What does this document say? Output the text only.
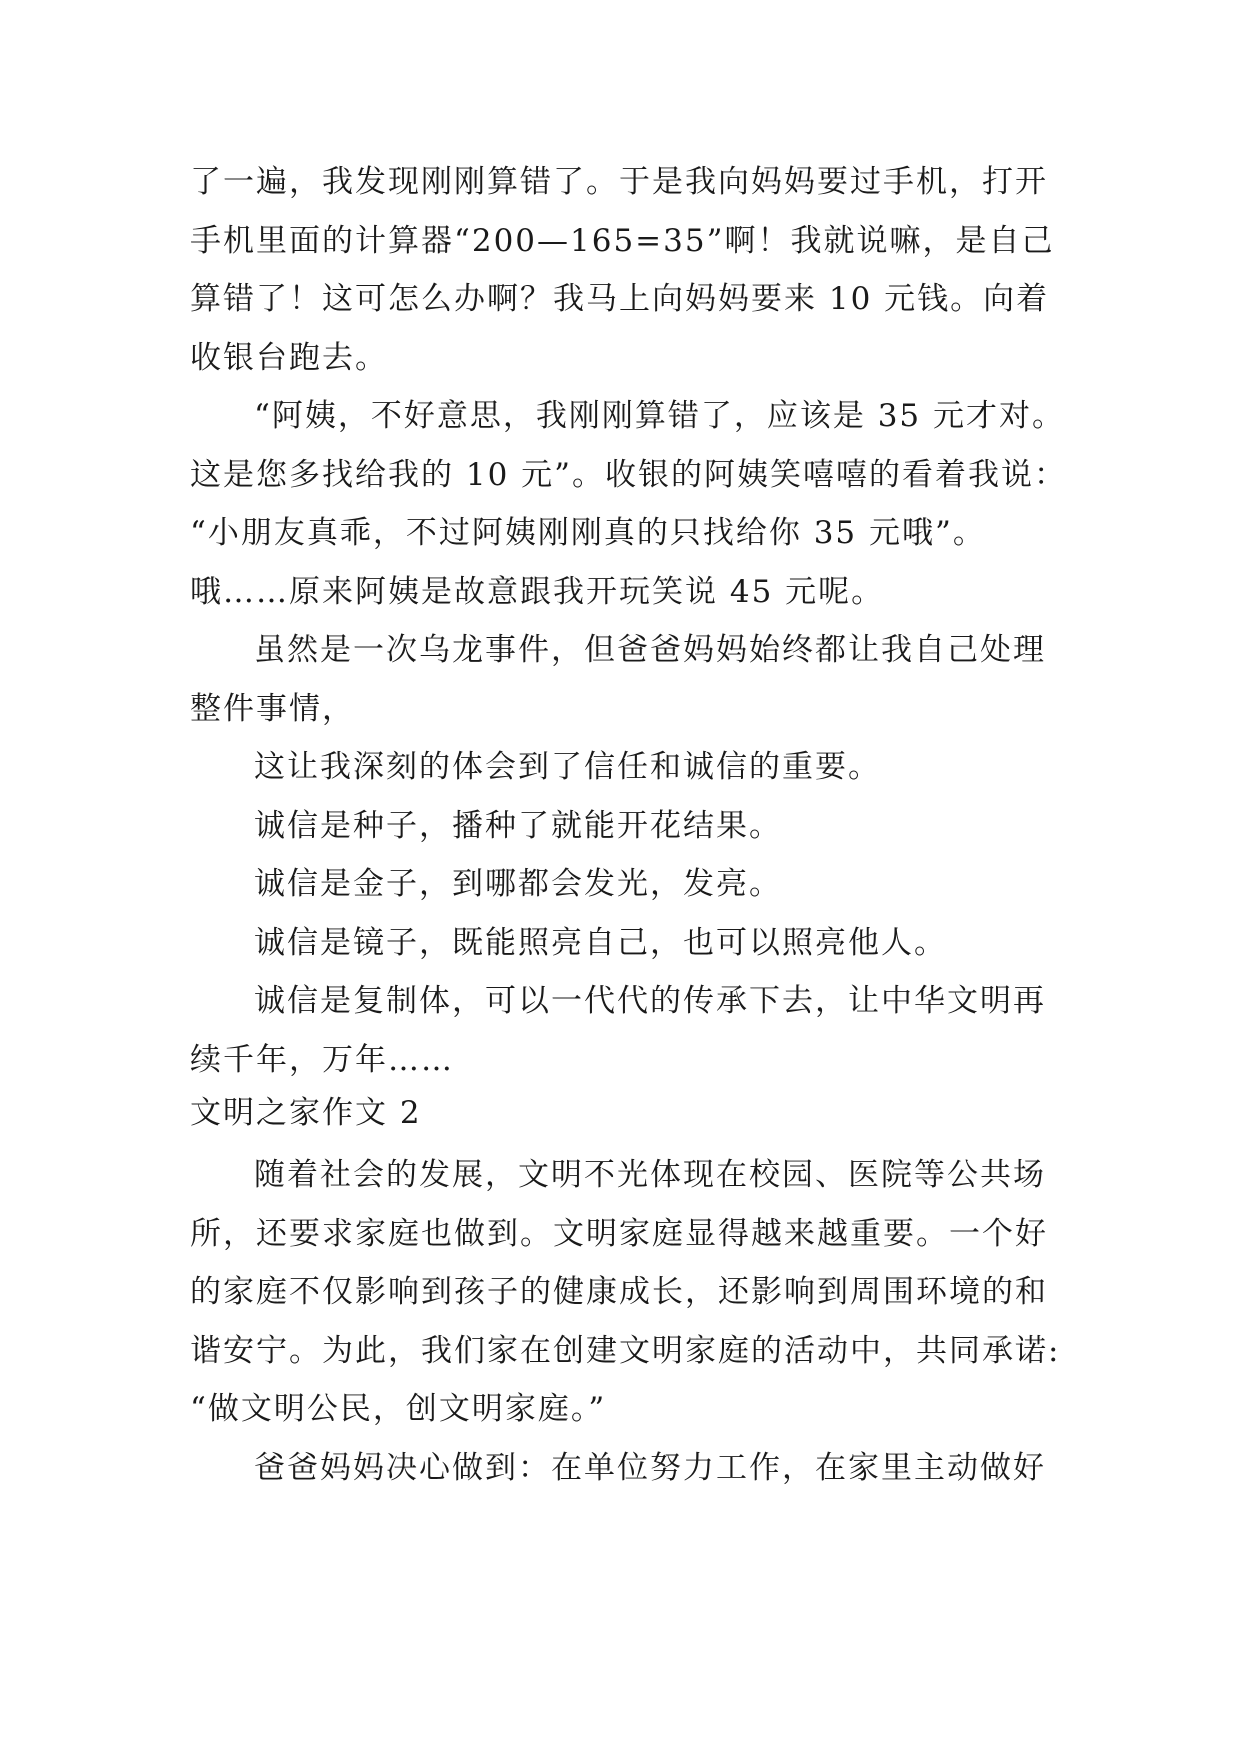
了一遍，我发现刚刚算错了。于是我向妈妈要过手机，打开
手机里面的计算器“200—165=35”啊！我就说嘛，是自己
算错了！这可怎么办啊？我马上向妈妈要来 10 元钱。向着
收银台跑去。

“阿姨，不好意思，我刚刚算错了，应该是 35 元才对。
这是您多找给我的 10 元”。收银的阿姨笑嘻嘻的看着我说：
“小朋友真乖，不过阿姨刚刚真的只找给你 35 元哦”。
哦……原来阿姨是故意跟我开玩笑说 45 元呢。

虽然是一次乌龙事件，但爸爸妈妈始终都让我自己处理
整件事情，

这让我深刻的体会到了信任和诚信的重要。

诚信是种子，播种了就能开花结果。

诚信是金子，到哪都会发光，发亮。

诚信是镜子，既能照亮自己，也可以照亮他人。

诚信是复制体，可以一代代的传承下去，让中华文明再
续千年，万年……

文明之家作文 2

随着社会的发展，文明不光体现在校园、医院等公共场
所，还要求家庭也做到。文明家庭显得越来越重要。一个好
的家庭不仅影响到孩子的健康成长，还影响到周围环境的和
谐安宁。为此，我们家在创建文明家庭的活动中，共同承诺:
“做文明公民，创文明家庭。”

爸爸妈妈决心做到：在单位努力工作，在家里主动做好
